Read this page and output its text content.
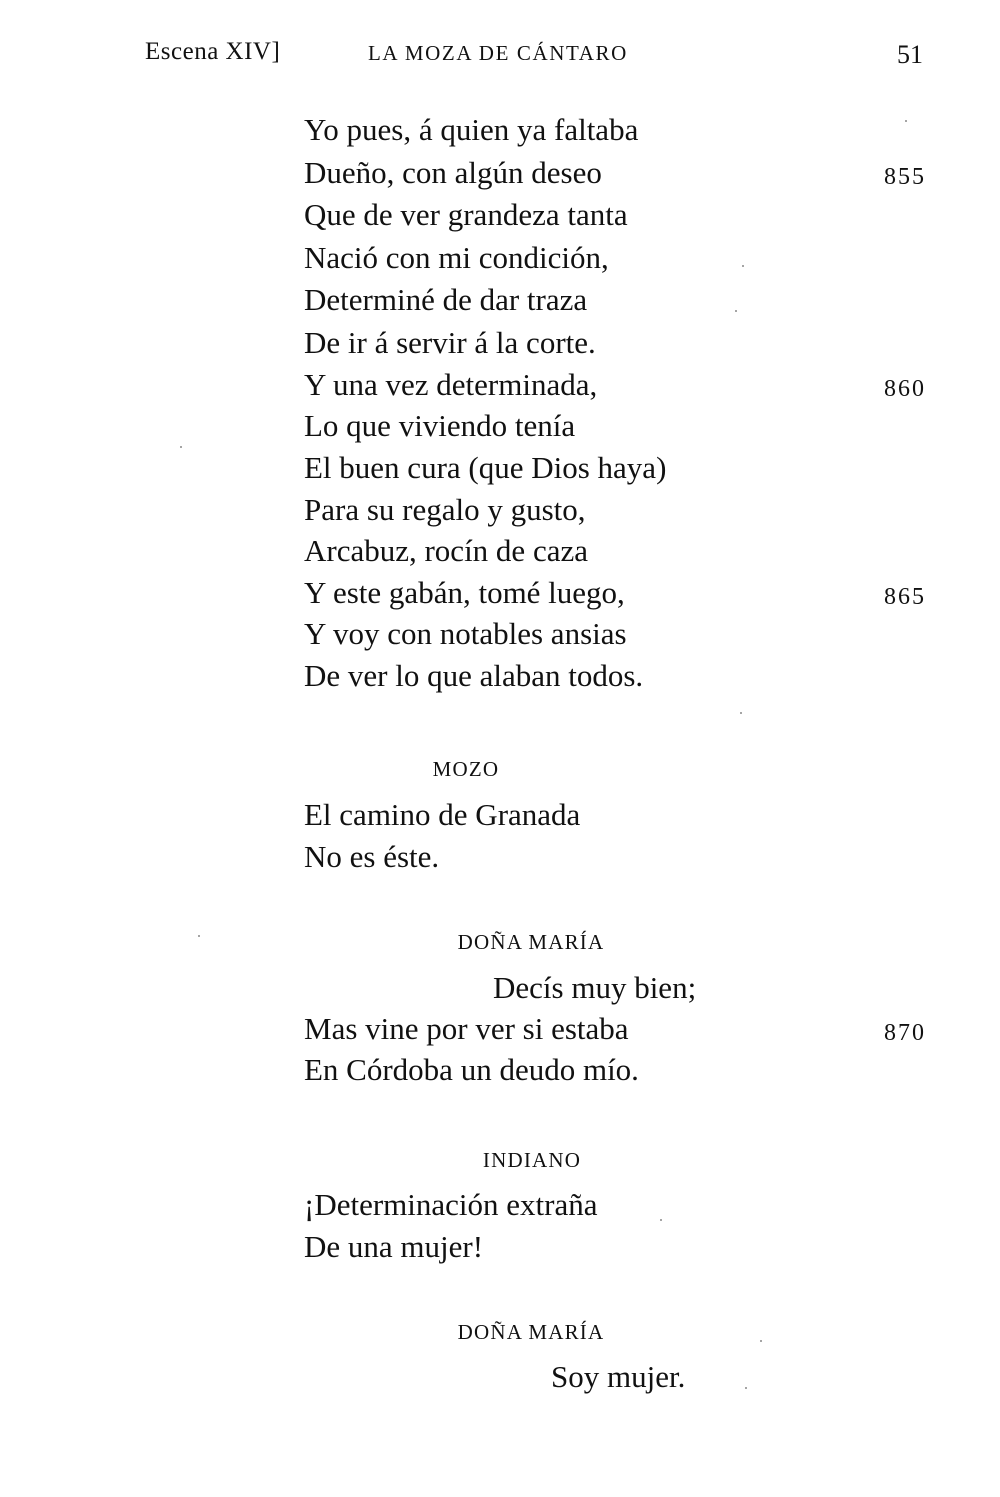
Escena XIV]	LA MOZA DE CÁNTARO	51
Yo pues, á quien ya faltaba
Dueño, con algún deseo
Que de ver grandeza tanta
Nació con mi condición,
Determiné de dar traza
De ir á servir á la corte.
Y una vez determinada,
Lo que viviendo tenía
El buen cura (que Dios haya)
Para su regalo y gusto,
Arcabuz, rocín de caza
Y este gabán, tomé luego,
Y voy con notables ansias
De ver lo que alaban todos.
855
860
865
MOZO
El camino de Granada
No es éste.
DOÑA MARÍA
Decís muy bien;
Mas vine por ver si estaba
En Córdoba un deudo mío.
870
INDIANO
¡Determinación extraña
De una mujer!
DOÑA MARÍA
Soy mujer.
